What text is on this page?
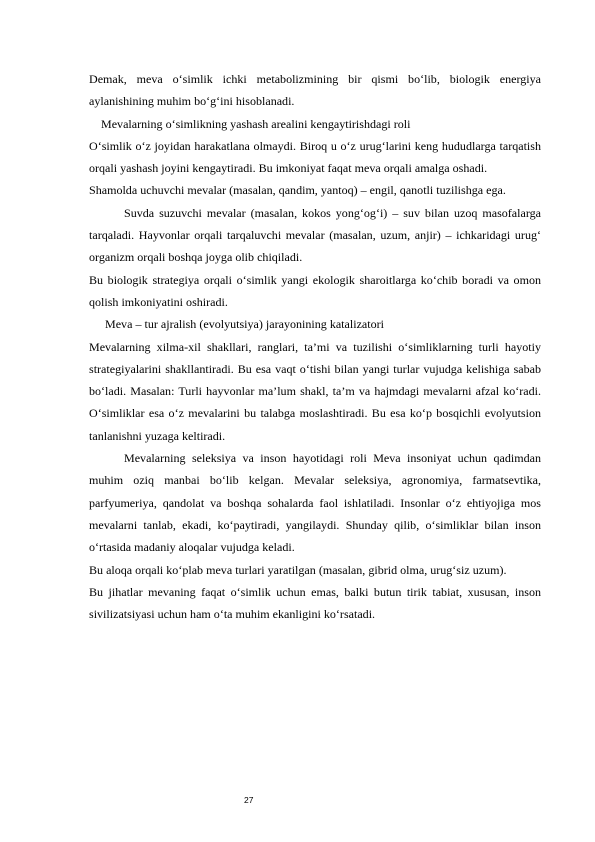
Demak, meva o‘simlik ichki metabolizmining bir qismi bo‘lib, biologik energiya aylanishining muhim bo‘g‘ini hisoblanadi.

Mevalarning o‘simlikning yashash arealini kengaytirishdagi roli

O‘simlik o‘z joyidan harakatlana olmaydi. Biroq u o‘z urug‘larini keng hududlarga tarqatish orqali yashash joyini kengaytiradi. Bu imkoniyat faqat meva orqali amalga oshadi.

Shamolda uchuvchi mevalar (masalan, qandim, yantoq) – engil, qanotli tuzilishga ega.

Suvda suzuvchi mevalar (masalan, kokos yong‘og‘i) – suv bilan uzoq masofalarga tarqaladi. Hayvonlar orqali tarqaluvchi mevalar (masalan, uzum, anjir) – ichkaridagi urug‘ organizm orqali boshqa joyga olib chiqiladi.

Bu biologik strategiya orqali o‘simlik yangi ekologik sharoitlarga ko‘chib boradi va omon qolish imkoniyatini oshiradi.

Meva – tur ajralish (evolyutsiya) jarayonining katalizatori

Mevalarning xilma-xil shakllari, ranglari, ta’mi va tuzilishi o‘simliklarning turli hayotiy strategiyalarini shakllantiradi. Bu esa vaqt o‘tishi bilan yangi turlar vujudga kelishiga sabab bo‘ladi. Masalan: Turli hayvonlar ma’lum shakl, ta’m va hajmdagi mevalarni afzal ko‘radi. O‘simliklar esa o‘z mevalarini bu talabga moslashtiradi. Bu esa ko‘p bosqichli evolyutsion tanlanishni yuzaga keltiradi.

Mevalarning seleksiya va inson hayotidagi roli Meva insoniyat uchun qadimdan muhim oziq manbai bo‘lib kelgan. Mevalar seleksiya, agronomiya, farmatsevtika, parfyumeriya, qandolat va boshqa sohalarda faol ishlatiladi. Insonlar o‘z ehtiyojiga mos mevalarni tanlab, ekadi, ko‘paytiradi, yangilaydi. Shunday qilib, o‘simliklar bilan inson o‘rtasida madaniy aloqalar vujudga keladi.

Bu aloqa orqali ko‘plab meva turlari yaratilgan (masalan, gibrid olma, urug‘siz uzum).

Bu jihatlar mevaning faqat o‘simlik uchun emas, balki butun tirik tabiat, xususan, inson sivilizatsiyasi uchun ham o‘ta muhim ekanligini ko‘rsatadi.

27
